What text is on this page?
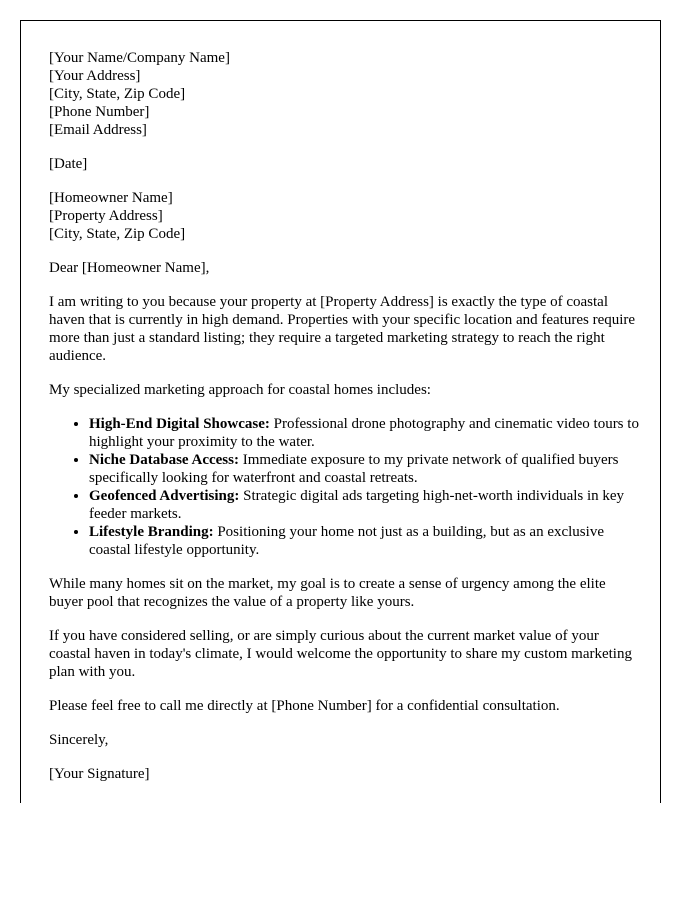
[Your Name/Company Name]
[Your Address]
[City, State, Zip Code]
[Phone Number]
[Email Address]
[Date]
[Homeowner Name]
[Property Address]
[City, State, Zip Code]

Dear [Homeowner Name],

I am writing to you because your property at [Property Address] is exactly the type of coastal haven that is currently in high demand. Properties with your specific location and features require more than just a standard listing; they require a targeted marketing strategy to reach the right audience.

My specialized marketing approach for coastal homes includes:

• High-End Digital Showcase: Professional drone photography and cinematic video tours to highlight your proximity to the water.
• Niche Database Access: Immediate exposure to my private network of qualified buyers specifically looking for waterfront and coastal retreats.
• Geofenced Advertising: Strategic digital ads targeting high-net-worth individuals in key feeder markets.
• Lifestyle Branding: Positioning your home not just as a building, but as an exclusive coastal lifestyle opportunity.

While many homes sit on the market, my goal is to create a sense of urgency among the elite buyer pool that recognizes the value of a property like yours.

If you have considered selling, or are simply curious about the current market value of your coastal haven in today's climate, I would welcome the opportunity to share my custom marketing plan with you.

Please feel free to call me directly at [Phone Number] for a confidential consultation.

Sincerely,

[Your Signature]
